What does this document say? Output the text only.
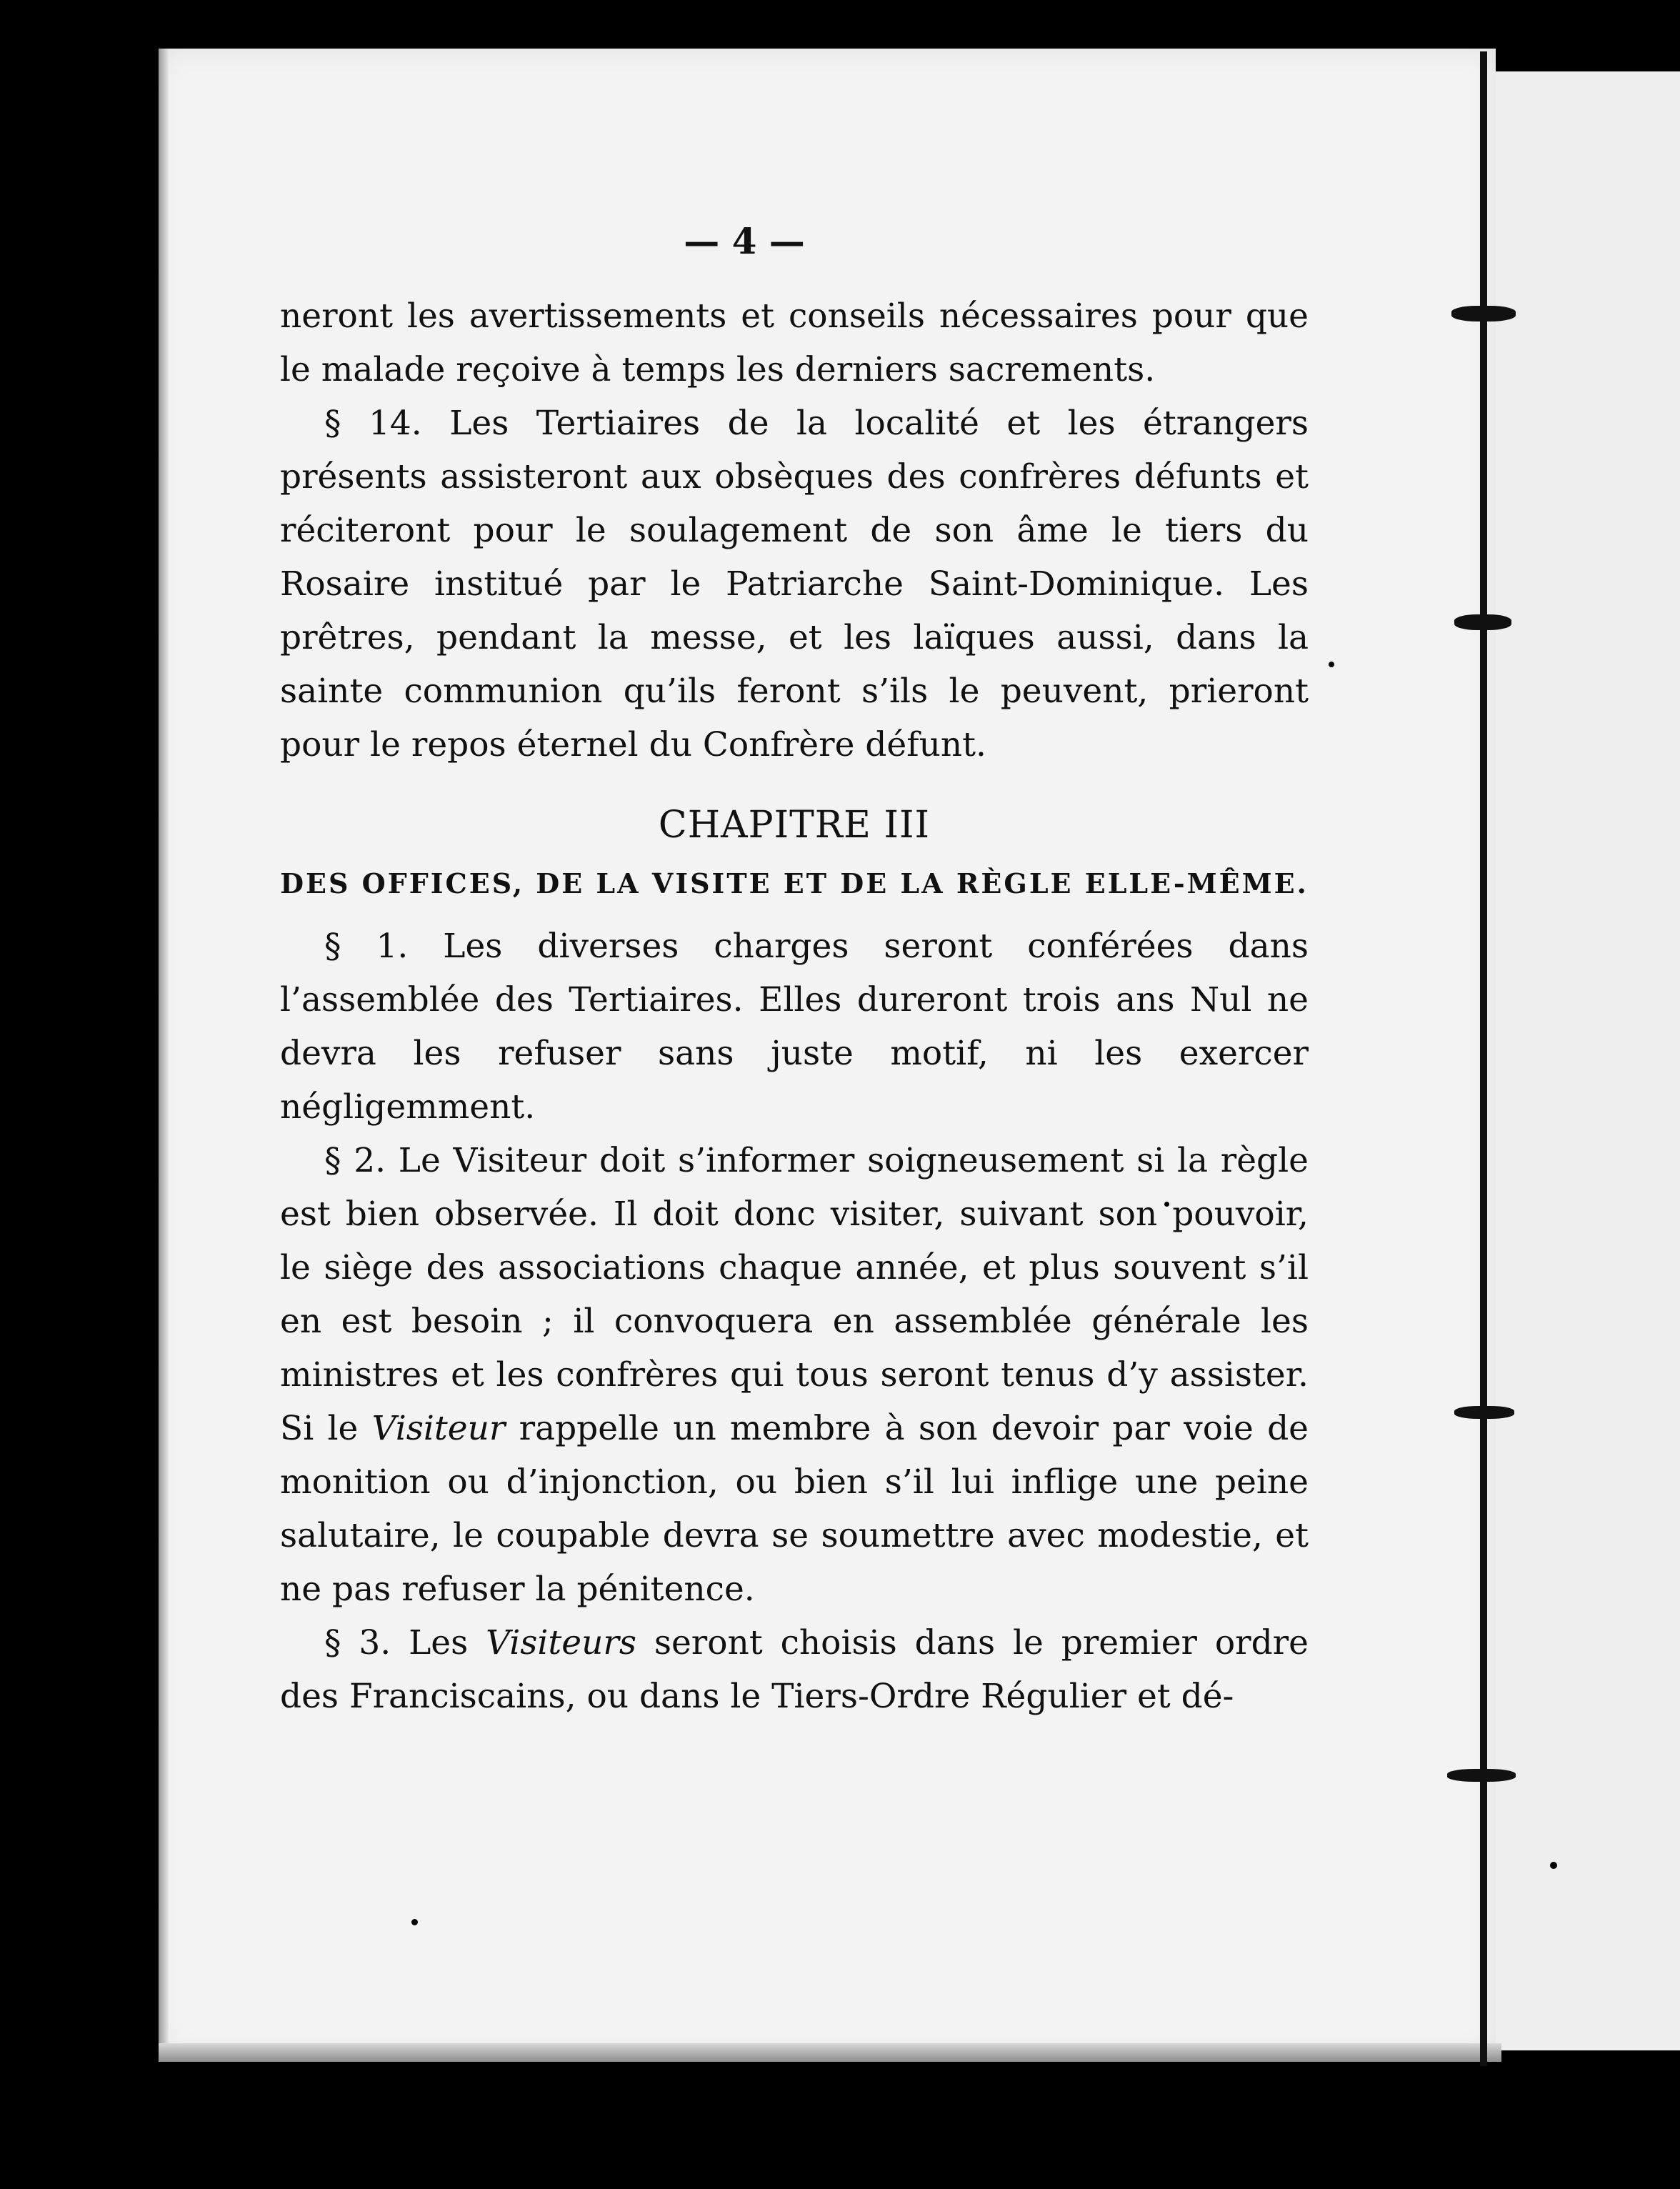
— 4 —

neront les avertissements et conseils nécessaires pour que le malade reçoive à temps les derniers sacrements.

§ 14. Les Tertiaires de la localité et les étrangers présents assisteront aux obsèques des confrères défunts et réciteront pour le soulagement de son âme le tiers du Rosaire institué par le Patriarche Saint-Dominique. Les prêtres, pendant la messe, et les laïques aussi, dans la sainte communion qu’ils feront s’ils le peuvent, prieront pour le repos éternel du Confrère défunt.

CHAPITRE III
DES OFFICES, DE LA VISITE ET DE LA RÈGLE ELLE-MÊME.

§ 1. Les diverses charges seront conférées dans l’assemblée des Tertiaires. Elles dureront trois ans Nul ne devra les refuser sans juste motif, ni les exercer négligemment.

§ 2. Le Visiteur doit s’informer soigneusement si la règle est bien observée. Il doit donc visiter, suivant son pouvoir, le siège des associations chaque année, et plus souvent s’il en est besoin ; il convoquera en assemblée générale les ministres et les confrères qui tous seront tenus d’y assister. Si le Visiteur rappelle un membre à son devoir par voie de monition ou d’injonction, ou bien s’il lui inflige une peine salutaire, le coupable devra se soumettre avec modestie, et ne pas refuser la pénitence.

§ 3. Les Visiteurs seront choisis dans le premier ordre des Franciscains, ou dans le Tiers-Ordre Régulier et dé-
